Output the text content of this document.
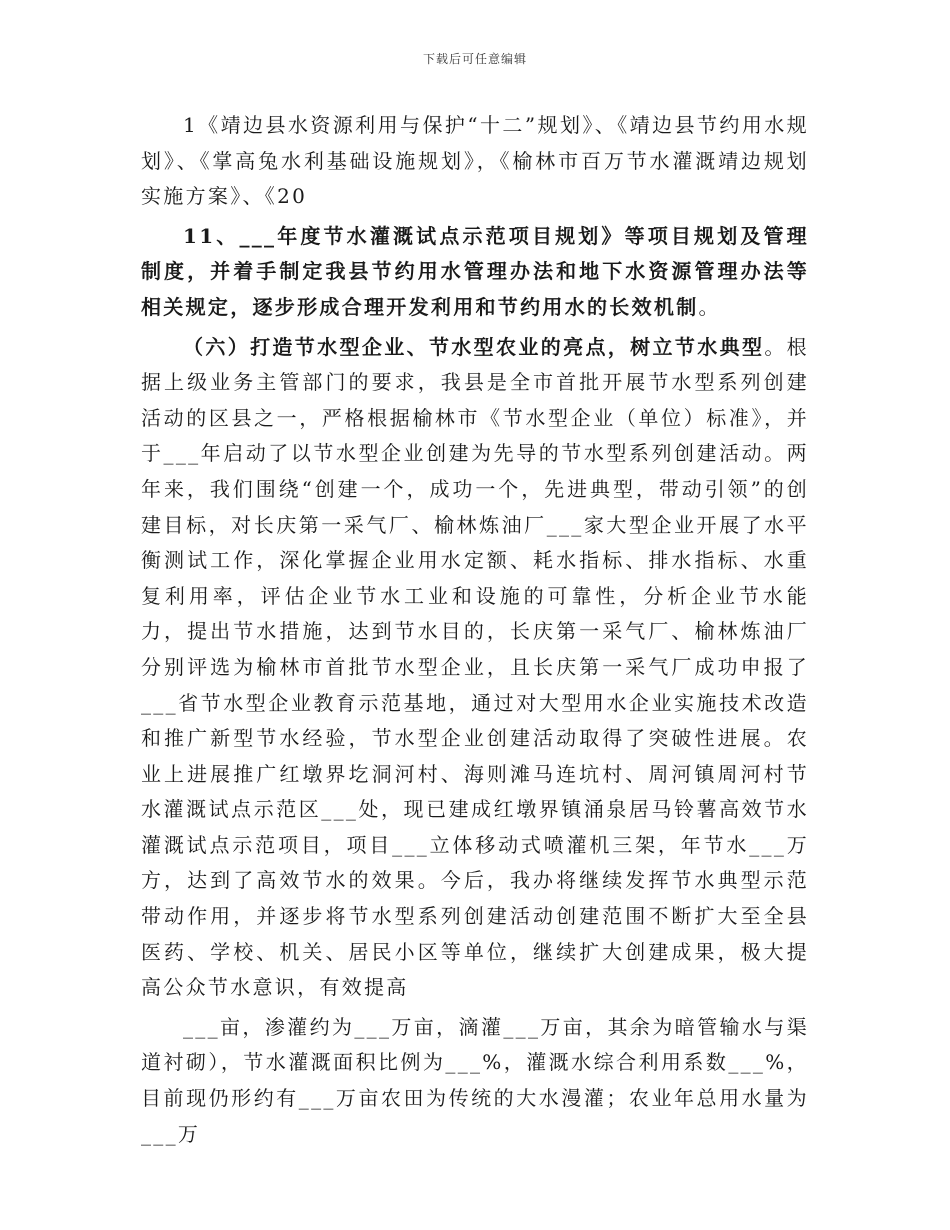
下载后可任意编辑

1《靖边县水资源利用与保护“十二”规划》、《靖边县节约用水规划》、《掌高兔水利基础设施规划》，《榆林市百万节水灌溉靖边规划实施方案》、《20

11、___年度节水灌溉试点示范项目规划》等项目规划及管理制度，并着手制定我县节约用水管理办法和地下水资源管理办法等相关规定，逐步形成合理开发利用和节约用水的长效机制。

（六）打造节水型企业、节水型农业的亮点，树立节水典型。根据上级业务主管部门的要求，我县是全市首批开展节水型系列创建活动的区县之一，严格根据榆林市《节水型企业（单位）标准》，并于___年启动了以节水型企业创建为先导的节水型系列创建活动。两年来，我们围绕“创建一个，成功一个，先进典型，带动引领”的创建目标，对长庆第一采气厂、榆林炼油厂___家大型企业开展了水平衡测试工作，深化掌握企业用水定额、耗水指标、排水指标、水重复利用率，评估企业节水工业和设施的可靠性，分析企业节水能力，提出节水措施，达到节水目的，长庆第一采气厂、榆林炼油厂分别评选为榆林市首批节水型企业，且长庆第一采气厂成功申报了___省节水型企业教育示范基地，通过对大型用水企业实施技术改造和推广新型节水经验，节水型企业创建活动取得了突破性进展。农业上进展推广红墩界圪洞河村、海则滩马连坑村、周河镇周河村节水灌溉试点示范区___处，现已建成红墩界镇涌泉居马铃薯高效节水灌溉试点示范项目，项目___立体移动式喷灌机三架，年节水___万方，达到了高效节水的效果。今后，我办将继续发挥节水典型示范带动作用，并逐步将节水型系列创建活动创建范围不断扩大至全县医药、学校、机关、居民小区等单位，继续扩大创建成果，极大提高公众节水意识，有效提高

___亩，渗灌约为___万亩，滴灌___万亩，其余为暗管输水与渠道衬砌），节水灌溉面积比例为___%，灌溉水综合利用系数___%，目前现仍形约有___万亩农田为传统的大水漫灌；农业年总用水量为___万
